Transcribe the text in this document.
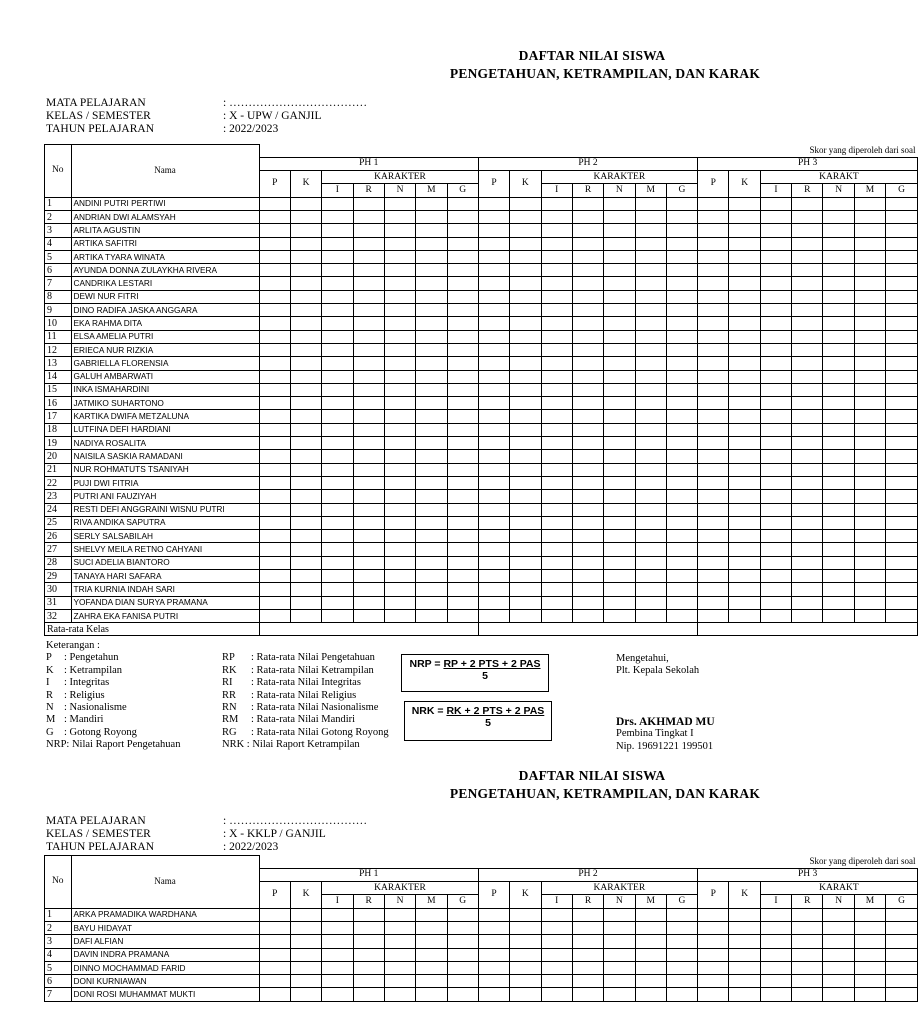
DAFTAR NILAI SISWA
PENGETAHUAN, KETRAMPILAN, DAN KARAK
MATA PELAJARAN	: ………………………………
KELAS / SEMESTER	: X - UPW / GANJIL
TAHUN PELAJARAN	: 2022/2023
No	Nama	Skor yang diperoleh dari soal																				
		PH 1							PH 2							PH 3						
		P	K	KARAKTER					P	K	KARAKTER					P	K	KARAKT				
				I	R	N	M	G			I	R	N	M	G			I	R	N	M	G
1	ANDINI PUTRI PERTIWI																					
2	ANDRIAN DWI ALAMSYAH																					
3	ARLITA AGUSTIN																					
4	ARTIKA SAFITRI																					
5	ARTIKA TYARA WINATA																					
6	AYUNDA DONNA ZULAYKHA RIVERA																					
7	CANDRIKA LESTARI																					
8	DEWI NUR FITRI																					
9	DINO RADIFA JASKA ANGGARA																					
10	EKA RAHMA DITA																					
11	ELSA AMELIA PUTRI																					
12	ERIECA NUR RIZKIA																					
13	GABRIELLA FLORENSIA																					
14	GALUH AMBARWATI																					
15	INKA ISMAHARDINI																					
16	JATMIKO SUHARTONO																					
17	KARTIKA DWIFA METZALUNA																					
18	LUTFINA DEFI HARDIANI																					
19	NADIYA ROSALITA																					
20	NAISILA SASKIA RAMADANI																					
21	NUR ROHMATUTS TSANIYAH																					
22	PUJI DWI FITRIA																					
23	PUTRI ANI FAUZIYAH																					
24	RESTI DEFI ANGGRAINI WISNU PUTRI																					
25	RIVA ANDIKA SAPUTRA																					
26	SERLY SALSABILAH																					
27	SHELVY MEILA RETNO CAHYANI																					
28	SUCI ADELIA BIANTORO																					
29	TANAYA HARI SAFARA																					
30	TRIA KURNIA INDAH SARI																					
31	YOFANDA DIAN SURYA PRAMANA																					
32	ZAHRA EKA FANISA PUTRI																					
Rata-rata Kelas																						
Keterangan :
P	: Pengetahun	RP	: Rata-rata Nilai Pengetahuan
K : Ketrampilan	RK	: Rata-rata Nilai Ketrampilan
I	: Integritas	RI	: Rata-rata Nilai Integritas
R	: Religius	RR	: Rata-rata Nilai Religius
N : Nasionalisme	RN	: Rata-rata Nilai Nasionalisme
M : Mandiri	RM	: Rata-rata Nilai Mandiri
G : Gotong Royong	RG	: Rata-rata Nilai Gotong Royong
NRP: Nilai Raport Pengetahuan	NRK : Nilai Raport Ketrampilan
NRP = RP + 2 PTS + 2 PAS
5
NRK = RK + 2 PTS + 2 PAS
5
Mengetahui,
Plt. Kepala Sekolah
Drs. AKHMAD MU
Pembina Tingkat I
Nip. 19691221 199501
DAFTAR NILAI SISWA
PENGETAHUAN, KETRAMPILAN, DAN KARAK
MATA PELAJARAN	: ………………………………
KELAS / SEMESTER	: X - KKLP / GANJIL
TAHUN PELAJARAN	: 2022/2023
No	Nama	Skor yang diperoleh dari soal																				
		PH 1							PH 2							PH 3						
		P	K	KARAKTER					P	K	KARAKTER					P	K	KARAKT				
				I	R	N	M	G			I	R	N	M	G			I	R	N	M	G
1	ARKA PRAMADIKA WARDHANA																					
2	BAYU HIDAYAT																					
3	DAFI ALFIAN																					
4	DAVIN INDRA PRAMANA																					
5	DINNO MOCHAMMAD FARID																					
6	DONI KURNIAWAN																					
7	DONI ROSI MUHAMMAT MUKTI																					
